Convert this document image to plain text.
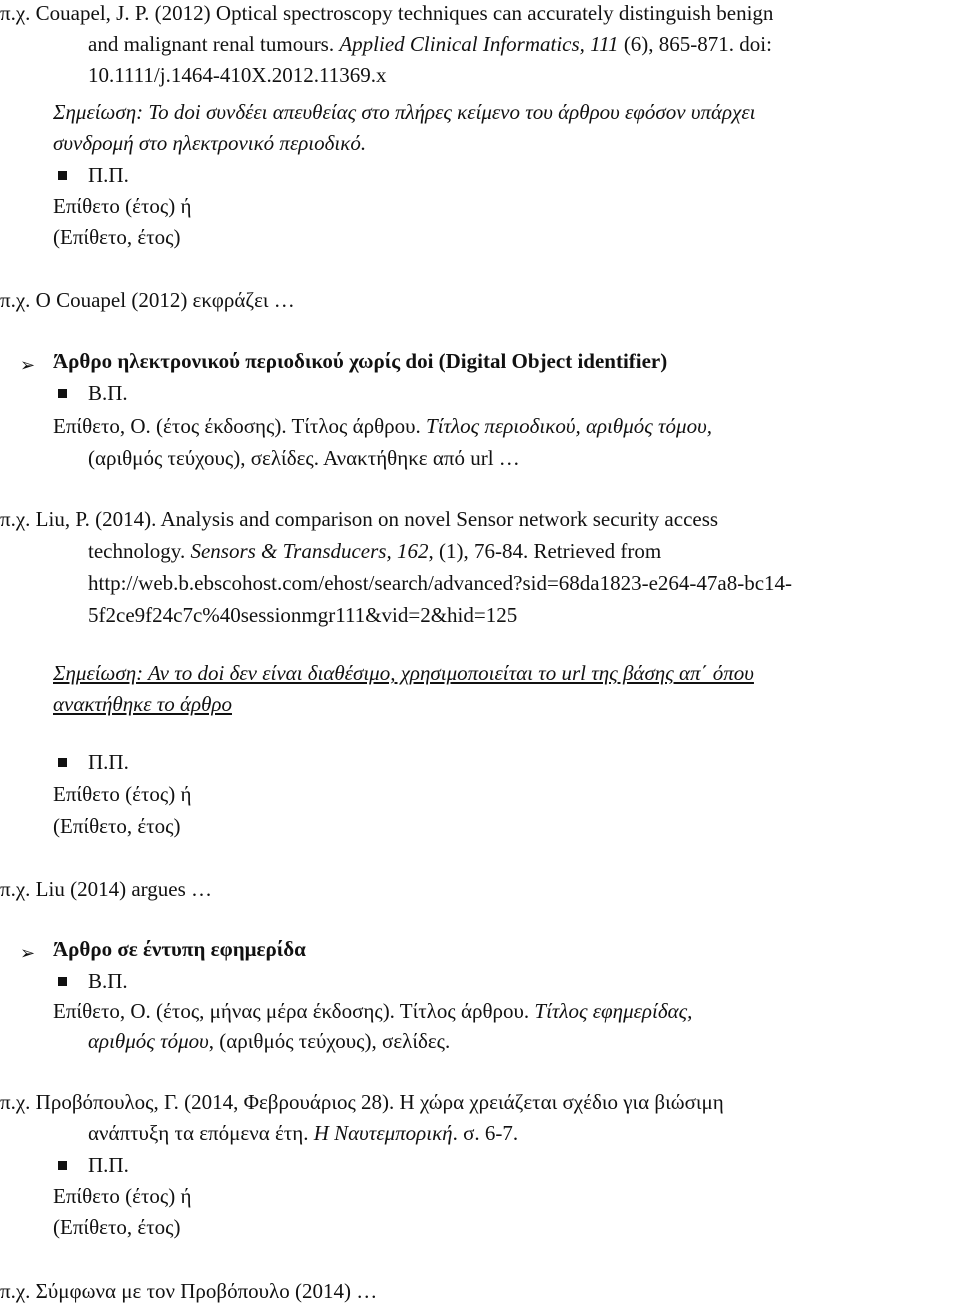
π.χ. Couapel, J. P. (2012) Optical spectroscopy techniques can accurately distinguish benign
and malignant renal tumours. Applied Clinical Informatics, 111 (6), 865-871. doi:
10.1111/j.1464-410X.2012.11369.x
Σημείωση: Το doi συνδέει απευθείας στο πλήρες κείμενο του άρθρου εφόσον υπάρχει
συνδρομή στο ηλεκτρονικό περιοδικό.
Π.Π.
Επίθετο (έτος) ή
(Επίθετο, έτος)
π.χ. Ο Couapel (2012) εκφράζει …
➢ Άρθρο ηλεκτρονικού περιοδικού χωρίς doi (Digital Object identifier)
Β.Π.
Επίθετο, Ο. (έτος έκδοσης). Τίτλος άρθρου. Τίτλος περιοδικού, αριθμός τόμου,
(αριθμός τεύχους), σελίδες. Ανακτήθηκε από url …
π.χ. Liu, P. (2014). Analysis and comparison on novel Sensor network security access
technology. Sensors & Transducers, 162, (1), 76-84. Retrieved from
http://web.b.ebscohost.com/ehost/search/advanced?sid=68da1823-e264-47a8-bc14-
5f2ce9f24c7c%40sessionmgr111&vid=2&hid=125
Σημείωση: Αν το doi δεν είναι διαθέσιμο, χρησιμοποιείται το url της βάσης απ΄ όπου
ανακτήθηκε το άρθρο
Π.Π.
Επίθετο (έτος) ή
(Επίθετο, έτος)
π.χ. Liu (2014) argues …
➢ Άρθρο σε έντυπη εφημερίδα
Β.Π.
Επίθετο, Ο. (έτος, μήνας μέρα έκδοσης). Τίτλος άρθρου. Τίτλος εφημερίδας,
αριθμός τόμου, (αριθμός τεύχους), σελίδες.
π.χ. Προβόπουλος, Γ. (2014, Φεβρουάριος 28). Η χώρα χρειάζεται σχέδιο για βιώσιμη
ανάπτυξη τα επόμενα έτη. Η Ναυτεμπορική. σ. 6-7.
Π.Π.
Επίθετο (έτος) ή
(Επίθετο, έτος)
π.χ. Σύμφωνα με τον Προβόπουλο (2014) …
